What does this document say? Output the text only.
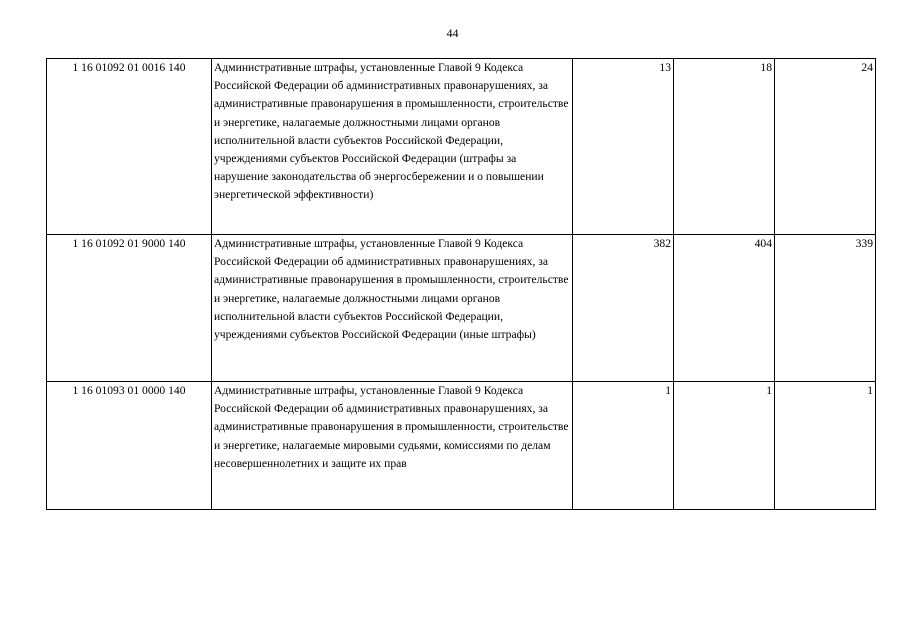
44
1 16 01092 01 0016 140	Административные штрафы, установленные Главой 9 Кодекса Российской Федерации об административных правонарушениях, за административные правонарушения в промышленности, строительстве и энергетике, налагаемые должностными лицами органов исполнительной власти субъектов Российской Федерации, учреждениями субъектов Российской Федерации (штрафы за нарушение законодательства об энергосбережении и о повышении энергетической эффективности)	13	18	24
1 16 01092 01 9000 140	Административные штрафы, установленные Главой 9 Кодекса Российской Федерации об административных правонарушениях, за административные правонарушения в промышленности, строительстве и энергетике, налагаемые должностными лицами органов исполнительной власти субъектов Российской Федерации, учреждениями субъектов Российской Федерации (иные штрафы)	382	404	339
1 16 01093 01 0000 140	Административные штрафы, установленные Главой 9 Кодекса Российской Федерации об административных правонарушениях, за административные правонарушения в промышленности, строительстве и энергетике, налагаемые мировыми судьями, комиссиями по делам несовершеннолетних и защите их прав	1	1	1
